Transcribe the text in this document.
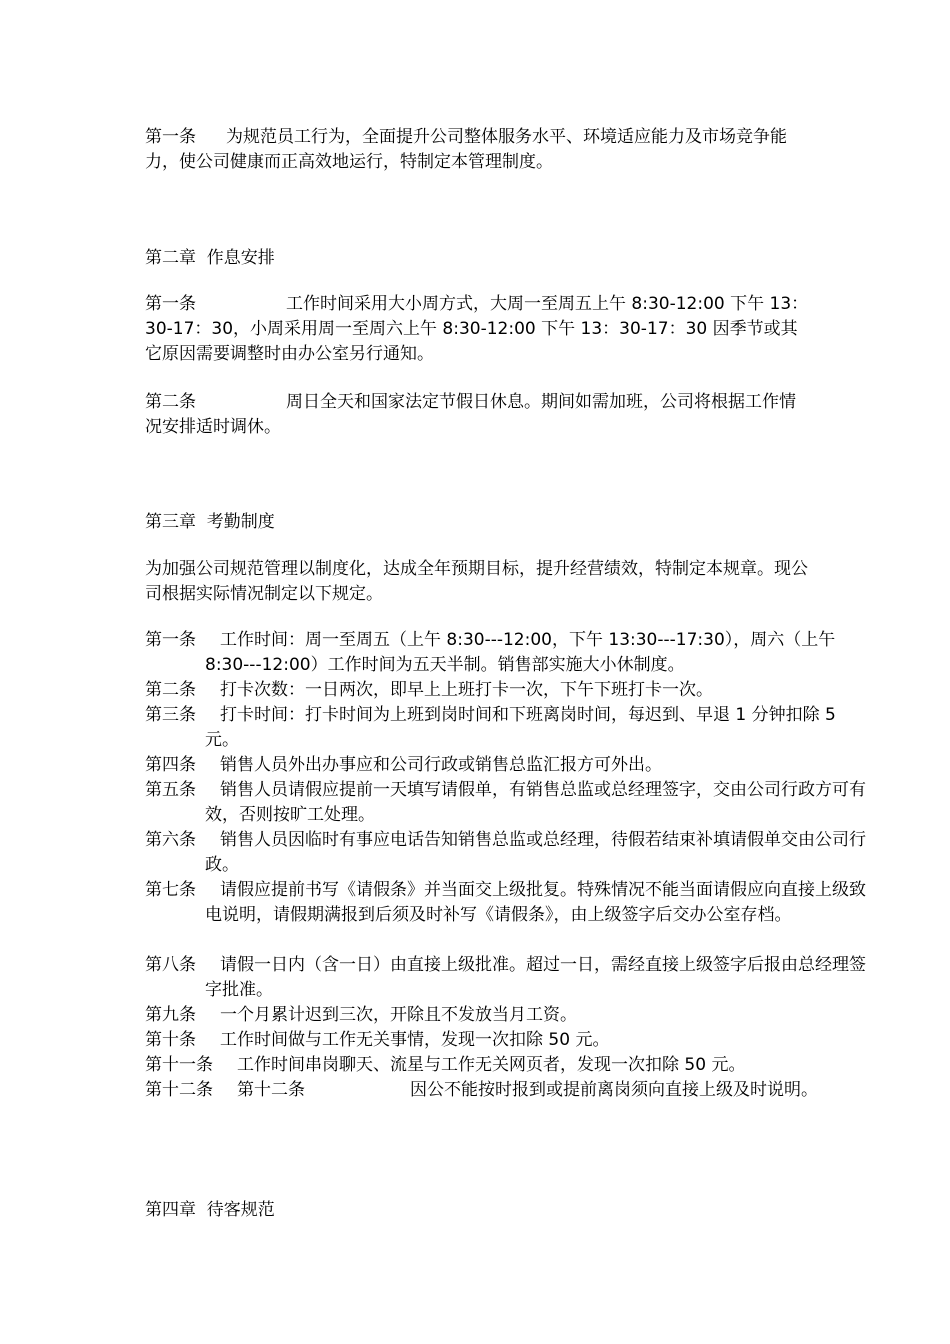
第一条 为规范员工行为，全面提升公司整体服务水平、环境适应能力及市场竞争能力，使公司健康而正高效地运行，特制定本管理制度。

第二章  作息安排

第一条	工作时间采用大小周方式，大周一至周五上午 8:30-12:00 下午 13：30-17：30，小周采用周一至周六上午 8:30-12:00 下午 13：30-17：30 因季节或其它原因需要调整时由办公室另行通知。

第二条	周日全天和国家法定节假日休息。期间如需加班，公司将根据工作情况安排适时调休。

第三章  考勤制度

为加强公司规范管理以制度化，达成全年预期目标，提升经营绩效，特制定本规章。现公司根据实际情况制定以下规定。

第一条 工作时间：周一至周五（上午 8:30---12:00，下午 13:30---17:30），周六（上午 8:30---12:00）工作时间为五天半制。销售部实施大小休制度。
第二条 打卡次数：一日两次，即早上上班打卡一次，下午下班打卡一次。
第三条 打卡时间：打卡时间为上班到岗时间和下班离岗时间，每迟到、早退 1 分钟扣除 5 元。
第四条 销售人员外出办事应和公司行政或销售总监汇报方可外出。
第五条 销售人员请假应提前一天填写请假单，有销售总监或总经理签字，交由公司行政方可有效，否则按旷工处理。
第六条 销售人员因临时有事应电话告知销售总监或总经理，待假若结束补填请假单交由公司行政。
第七条 请假应提前书写《请假条》并当面交上级批复。特殊情况不能当面请假应向直接上级致电说明，请假期满报到后须及时补写《请假条》，由上级签字后交办公室存档。
第八条 请假一日内（含一日）由直接上级批准。超过一日，需经直接上级签字后报由总经理签字批准。
第九条 一个月累计迟到三次，开除且不发放当月工资。
第十条 工作时间做与工作无关事情，发现一次扣除 50 元。
第十一条 工作时间串岗聊天、流星与工作无关网页者，发现一次扣除 50 元。
第十二条 第十二条	因公不能按时报到或提前离岗须向直接上级及时说明。
第四章  待客规范
